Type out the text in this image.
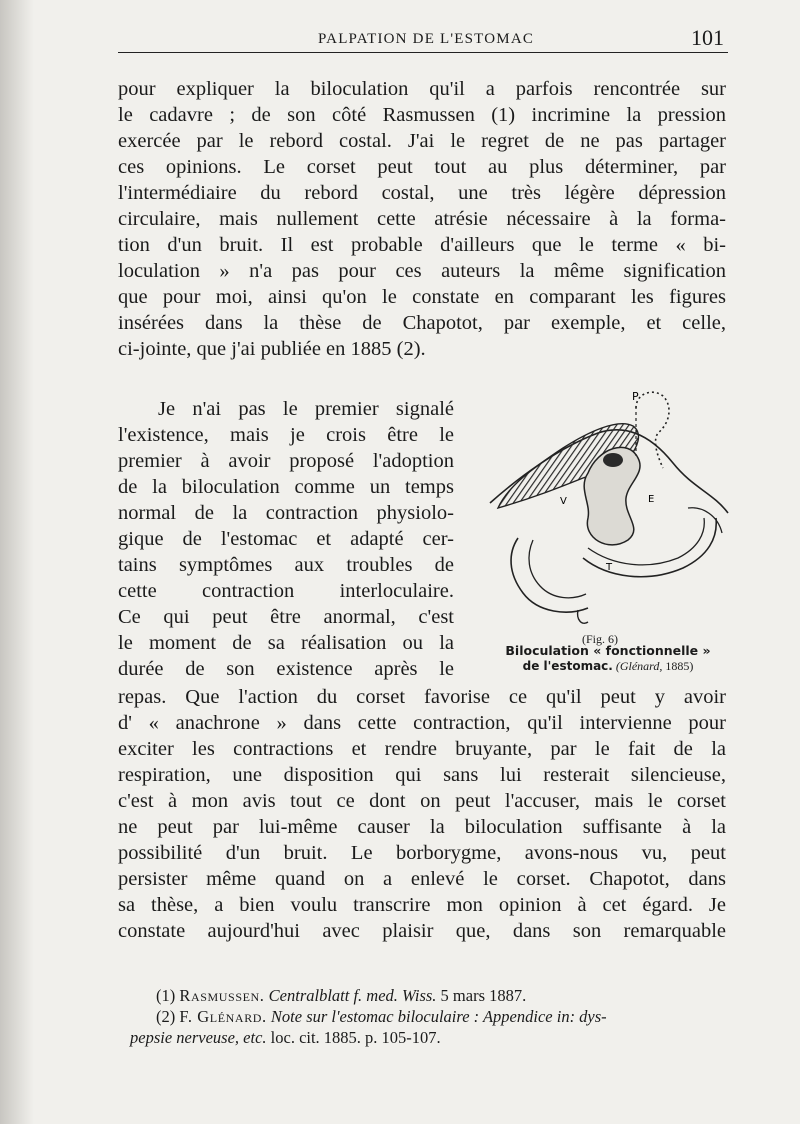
PALPATION DE L'ESTOMAC	101
pour expliquer la biloculation qu'il a parfois rencontrée sur
le cadavre ; de son côté Rasmussen (1) incrimine la pression
exercée par le rebord costal. J'ai le regret de ne pas partager
ces opinions. Le corset peut tout au plus déterminer, par
l'intermédiaire du rebord costal, une très légère dépression
circulaire, mais nullement cette atrésie nécessaire à la forma-
tion d'un bruit. Il est probable d'ailleurs que le terme « bi-
loculation » n'a pas pour ces auteurs la même signification
que pour moi, ainsi qu'on le constate en comparant les figures
insérées dans la thèse de Chapotot, par exemple, et celle,
ci-jointe, que j'ai publiée en 1885 (2).
Je n'ai pas le premier signalé
l'existence, mais je crois être le
premier à avoir proposé l'adoption
de la biloculation comme un temps
normal de la contraction physiolo-
gique de l'estomac et adapté cer-
tains symptômes aux troubles de
cette contraction interloculaire.
Ce qui peut être anormal, c'est
le moment de sa réalisation ou la
durée de son existence après le
P
V	E
T
(Fig. 6)
Biloculation « fonctionnelle »
de l'estomac. (Glénard, 1885)
repas. Que l'action du corset favorise ce qu'il peut y avoir
d' « anachrone » dans cette contraction, qu'il intervienne pour
exciter les contractions et rendre bruyante, par le fait de la
respiration, une disposition qui sans lui resterait silencieuse,
c'est à mon avis tout ce dont on peut l'accuser, mais le corset
ne peut par lui-même causer la biloculation suffisante à la
possibilité d'un bruit. Le borborygme, avons-nous vu, peut
persister même quand on a enlevé le corset. Chapotot, dans
sa thèse, a bien voulu transcrire mon opinion à cet égard. Je
constate aujourd'hui avec plaisir que, dans son remarquable
(1) Rasmussen. Centralblatt f. med. Wiss. 5 mars 1887.
(2) F. Glénard. Note sur l'estomac biloculaire : Appendice in: dys-
pepsie nerveuse, etc. loc. cit. 1885. p. 105-107.
